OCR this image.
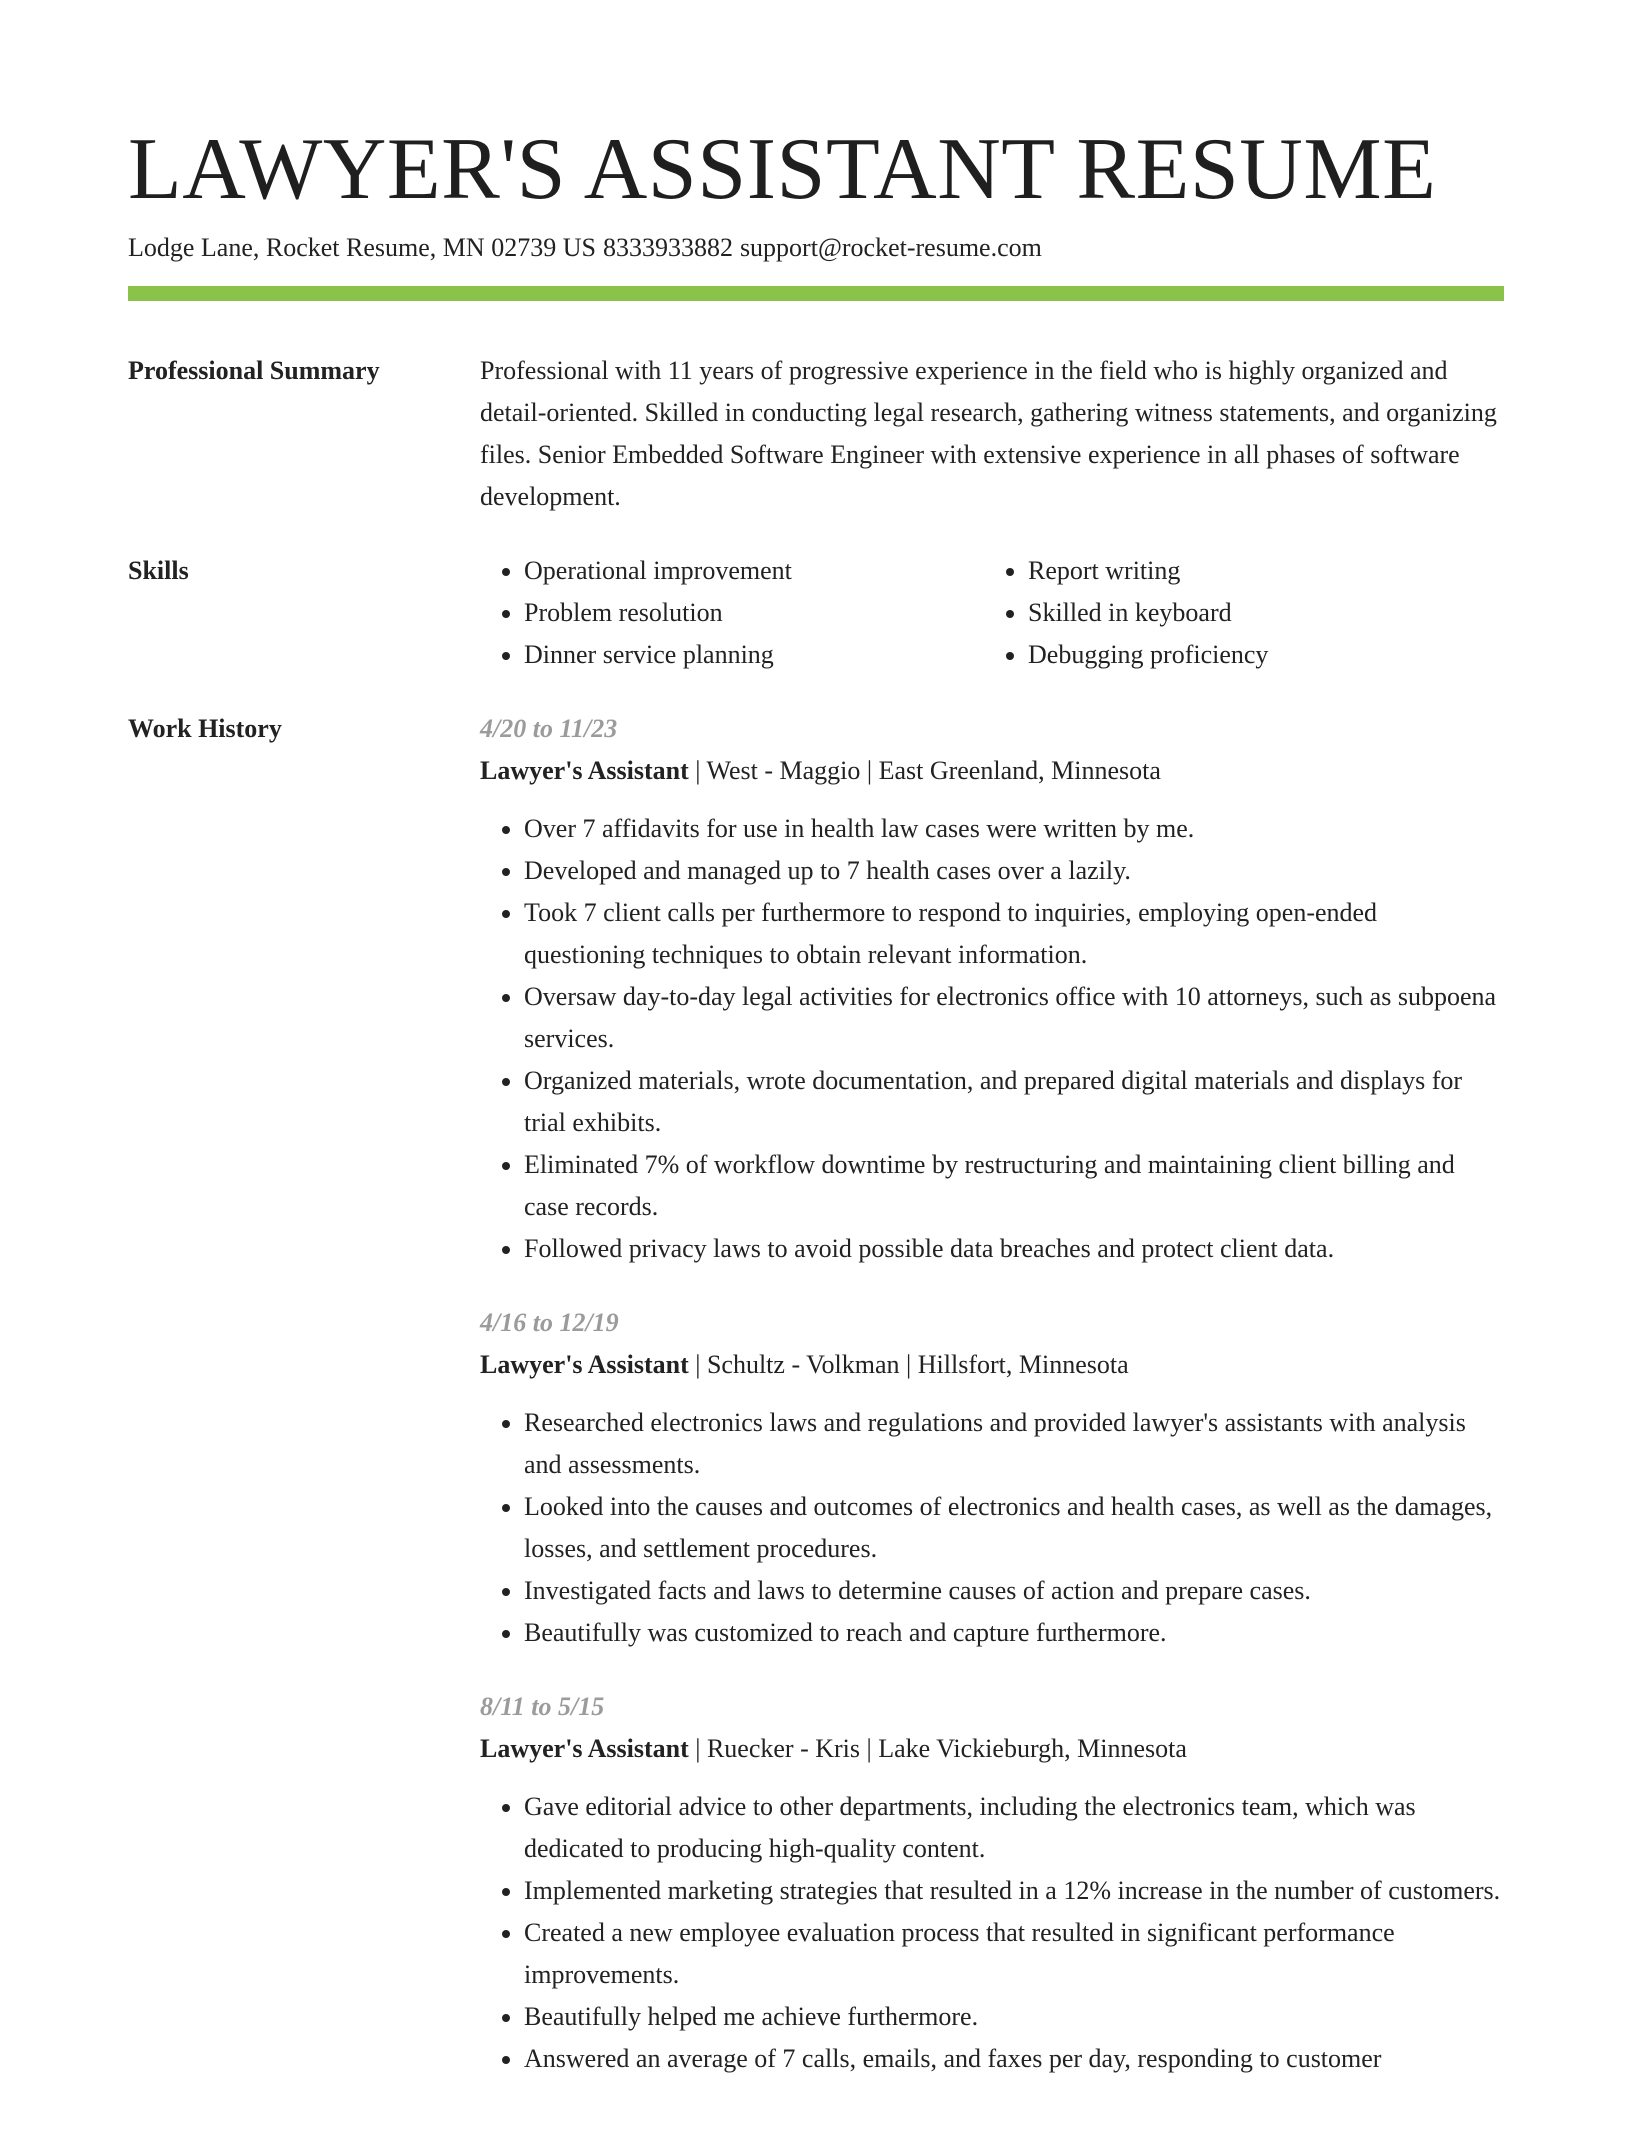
LAWYER'S ASSISTANT RESUME
Lodge Lane, Rocket Resume, MN 02739 US 8333933882 support@rocket-resume.com
Professional Summary	Professional with 11 years of progressive experience in the field who is highly organized and detail-oriented. Skilled in conducting legal research, gathering witness statements, and organizing files. Senior Embedded Software Engineer with extensive experience in all phases of software development.

Skills
•	Operational improvement
• Problem resolution
• Dinner service planning
• Report writing
• Skilled in keyboard
• Debugging proficiency
Work History	4/20 to 11/23
Lawyer's Assistant | West - Maggio | East Greenland, Minnesota
• Over 7 affidavits for use in health law cases were written by me.
• Developed and managed up to 7 health cases over a lazily.
• Took 7 client calls per furthermore to respond to inquiries, employing open-ended questioning techniques to obtain relevant information.
• Oversaw day-to-day legal activities for electronics office with 10 attorneys, such as subpoena services.
• Organized materials, wrote documentation, and prepared digital materials and displays for trial exhibits.
• Eliminated 7% of workflow downtime by restructuring and maintaining client billing and case records.
• Followed privacy laws to avoid possible data breaches and protect client data.
4/16 to 12/19
Lawyer's Assistant | Schultz - Volkman | Hillsfort, Minnesota
• Researched electronics laws and regulations and provided lawyer's assistants with analysis and assessments.
• Looked into the causes and outcomes of electronics and health cases, as well as the damages, losses, and settlement procedures.
• Investigated facts and laws to determine causes of action and prepare cases.
• Beautifully was customized to reach and capture furthermore.
8/11 to 5/15
Lawyer's Assistant | Ruecker - Kris | Lake Vickieburgh, Minnesota
• Gave editorial advice to other departments, including the electronics team, which was dedicated to producing high-quality content.
• Implemented marketing strategies that resulted in a 12% increase in the number of customers.
• Created a new employee evaluation process that resulted in significant performance improvements.
• Beautifully helped me achieve furthermore.
• Answered an average of 7 calls, emails, and faxes per day, responding to customer
